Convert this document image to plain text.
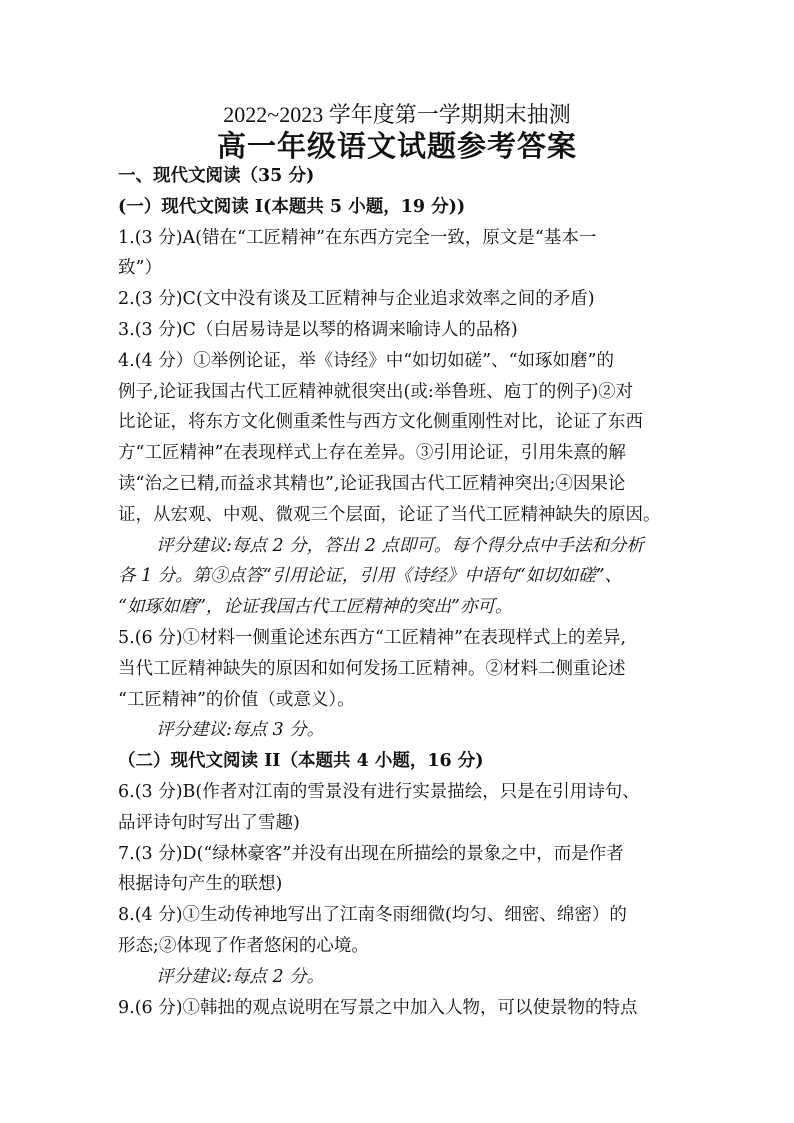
2022~2023 学年度第一学期期末抽测
高一年级语文试题参考答案
一、现代文阅读（35 分)
(一）现代文阅读 I(本题共 5 小题，19 分))
1.(3 分)A(错在“工匠精神”在东西方完全一致，原文是“基本一
致”）
2.(3 分)C(文中没有谈及工匠精神与企业追求效率之间的矛盾)
3.(3 分)C（白居易诗是以琴的格调来喻诗人的品格)
4.(4 分）①举例论证，举《诗经》中“如切如磋”、“如琢如磨”的
例子,论证我国古代工匠精神就很突出(或:举鲁班、庖丁的例子)②对
比论证，将东方文化侧重柔性与西方文化侧重刚性对比，论证了东西
方“工匠精神”在表现样式上存在差异。③引用论证，引用朱熹的解
读“治之已精,而益求其精也”,论证我国古代工匠精神突出;④因果论
证，从宏观、中观、微观三个层面，论证了当代工匠精神缺失的原因。
评分建议:每点 2 分，答出 2 点即可。每个得分点中手法和分析
各 1 分。第③点答“引用论证，引用《诗经》中语句“如切如磋”、
“如琢如磨”，论证我国古代工匠精神的突出”亦可。
5.(6 分)①材料一侧重论述东西方“工匠精神”在表现样式上的差异,
当代工匠精神缺失的原因和如何发扬工匠精神。②材料二侧重论述
“工匠精神”的价值（或意义）。
评分建议:每点 3 分。
（二）现代文阅读 II（本题共 4 小题，16 分)
6.(3 分)B(作者对江南的雪景没有进行实景描绘，只是在引用诗句、
品评诗句时写出了雪趣)
7.(3 分)D(“绿林豪客”并没有出现在所描绘的景象之中，而是作者
根据诗句产生的联想)
8.(4 分)①生动传神地写出了江南冬雨细微(均匀、细密、绵密）的
形态;②体现了作者悠闲的心境。
评分建议:每点 2 分。
9.(6 分)①韩拙的观点说明在写景之中加入人物，可以使景物的特点
